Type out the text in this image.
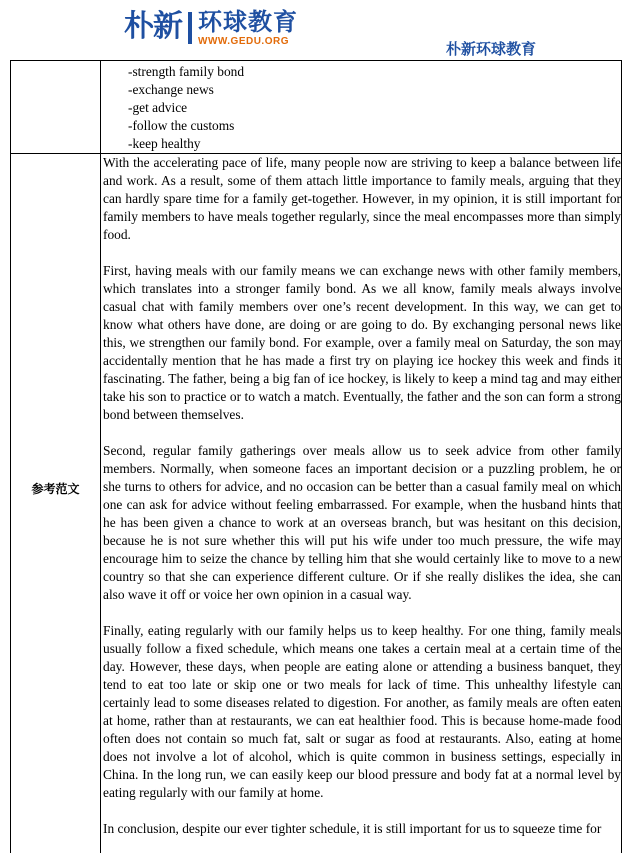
朴新 环球教育
WWW.GEDU.ORG	朴新环球教育
-strength family bond
-exchange news
-get advice
-follow the customs
-keep healthy
参考范文

With the accelerating pace of life, many people now are striving to keep a balance between life and work. As a result, some of them attach little importance to family meals, arguing that they can hardly spare time for a family get-together. However, in my opinion, it is still important for family members to have meals together regularly, since the meal encompasses more than simply food.

First, having meals with our family means we can exchange news with other family members, which translates into a stronger family bond. As we all know, family meals always involve casual chat with family members over one’s recent development. In this way, we can get to know what others have done, are doing or are going to do. By exchanging personal news like this, we strengthen our family bond. For example, over a family meal on Saturday, the son may accidentally mention that he has made a first try on playing ice hockey this week and finds it fascinating. The father, being a big fan of ice hockey, is likely to keep a mind tag and may either take his son to practice or to watch a match. Eventually, the father and the son can form a strong bond between themselves.

Second, regular family gatherings over meals allow us to seek advice from other family members. Normally, when someone faces an important decision or a puzzling problem, he or she turns to others for advice, and no occasion can be better than a casual family meal on which one can ask for advice without feeling embarrassed. For example, when the husband hints that he has been given a chance to work at an overseas branch, but was hesitant on this decision, because he is not sure whether this will put his wife under too much pressure, the wife may encourage him to seize the chance by telling him that she would certainly like to move to a new country so that she can experience different culture. Or if she really dislikes the idea, she can also wave it off or voice her own opinion in a casual way.

Finally, eating regularly with our family helps us to keep healthy. For one thing, family meals usually follow a fixed schedule, which means one takes a certain meal at a certain time of the day. However, these days, when people are eating alone or attending a business banquet, they tend to eat too late or skip one or two meals for lack of time. This unhealthy lifestyle can certainly lead to some diseases related to digestion. For another, as family meals are often eaten at home, rather than at restaurants, we can eat healthier food. This is because home-made food often does not contain so much fat, salt or sugar as food at restaurants. Also, eating at home does not involve a lot of alcohol, which is quite common in business settings, especially in China. In the long run, we can easily keep our blood pressure and body fat at a normal level by eating regularly with our family at home.

In conclusion, despite our ever tighter schedule, it is still important for us to squeeze time for
